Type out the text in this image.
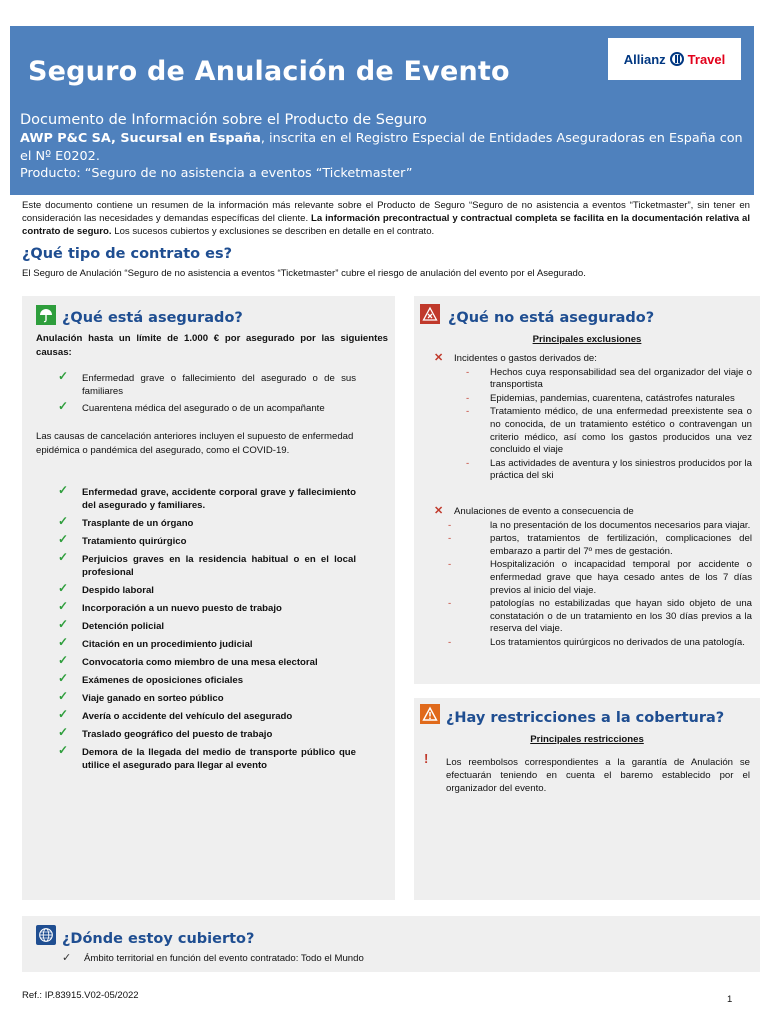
Seguro de Anulación de Evento	Allianz Travel
Documento de Información sobre el Producto de Seguro
AWP P&C SA, Sucursal en España, inscrita en el Registro Especial de Entidades Aseguradoras en España con el Nº E0202.
Producto: “Seguro de no asistencia a eventos “Ticketmaster”
Este documento contiene un resumen de la información más relevante sobre el Producto de Seguro “Seguro de no asistencia a eventos “Ticketmaster”, sin tener en consideración las necesidades y demandas específicas del cliente. La información precontractual y contractual completa se facilita en la documentación relativa al contrato de seguro. Los sucesos cubiertos y exclusiones se describen en detalle en el contrato.
¿Qué tipo de contrato es?
El Seguro de Anulación “Seguro de no asistencia a eventos “Ticketmaster” cubre el riesgo de anulación del evento por el Asegurado.
¿Qué está asegurado?
Anulación hasta un límite de 1.000 € por asegurado por las siguientes causas:
✓ Enfermedad grave o fallecimiento del asegurado o de sus familiares
✓ Cuarentena médica del asegurado o de un acompañante
Las causas de cancelación anteriores incluyen el supuesto de enfermedad epidémica o pandémica del asegurado, como el COVID-19.
✓ Enfermedad grave, accidente corporal grave y fallecimiento del asegurado y familiares.
✓ Trasplante de un órgano
✓ Tratamiento quirúrgico
✓ Perjuicios graves en la residencia habitual o en el local profesional
✓ Despido laboral
✓ Incorporación a un nuevo puesto de trabajo
✓ Detención policial
✓ Citación en un procedimiento judicial
✓ Convocatoria como miembro de una mesa electoral
✓ Exámenes de oposiciones oficiales
✓ Viaje ganado en sorteo público
✓ Avería o accidente del vehículo del asegurado
✓ Traslado geográfico del puesto de trabajo
✓ Demora de la llegada del medio de transporte público que utilice el asegurado para llegar al evento
¿Qué no está asegurado?
Principales exclusiones
✕	Incidentes o gastos derivados de:
- Hechos cuya responsabilidad sea del organizador del viaje o transportista
- Epidemias, pandemias, cuarentena, catástrofes naturales
- Tratamiento médico, de una enfermedad preexistente sea o no conocida, de un tratamiento estético o contravengan un criterio médico, así como los gastos producidos una vez concluido el viaje
- Las actividades de aventura y los siniestros producidos por la práctica del ski
✕	Anulaciones de evento a consecuencia de
-	la no presentación de los documentos necesarios para viajar.
-	partos, tratamientos de fertilización, complicaciones del embarazo a partir del 7º mes de gestación.
-	Hospitalización o incapacidad temporal por accidente o enfermedad grave que haya cesado antes de los 7 días previos al inicio del viaje.
-	patologías no estabilizadas que hayan sido objeto de una constatación o de un tratamiento en los 30 días previos a la reserva del viaje.
-	Los tratamientos quirúrgicos no derivados de una patología.
¿Hay restricciones a la cobertura?
Principales restricciones
! Los reembolsos correspondientes a la garantía de Anulación se efectuarán teniendo en cuenta el baremo establecido por el organizador del evento.
¿Dónde estoy cubierto?
✓ Ámbito territorial en función del evento contratado: Todo el Mundo
Ref.: IP.83915.V02-05/2022	1
